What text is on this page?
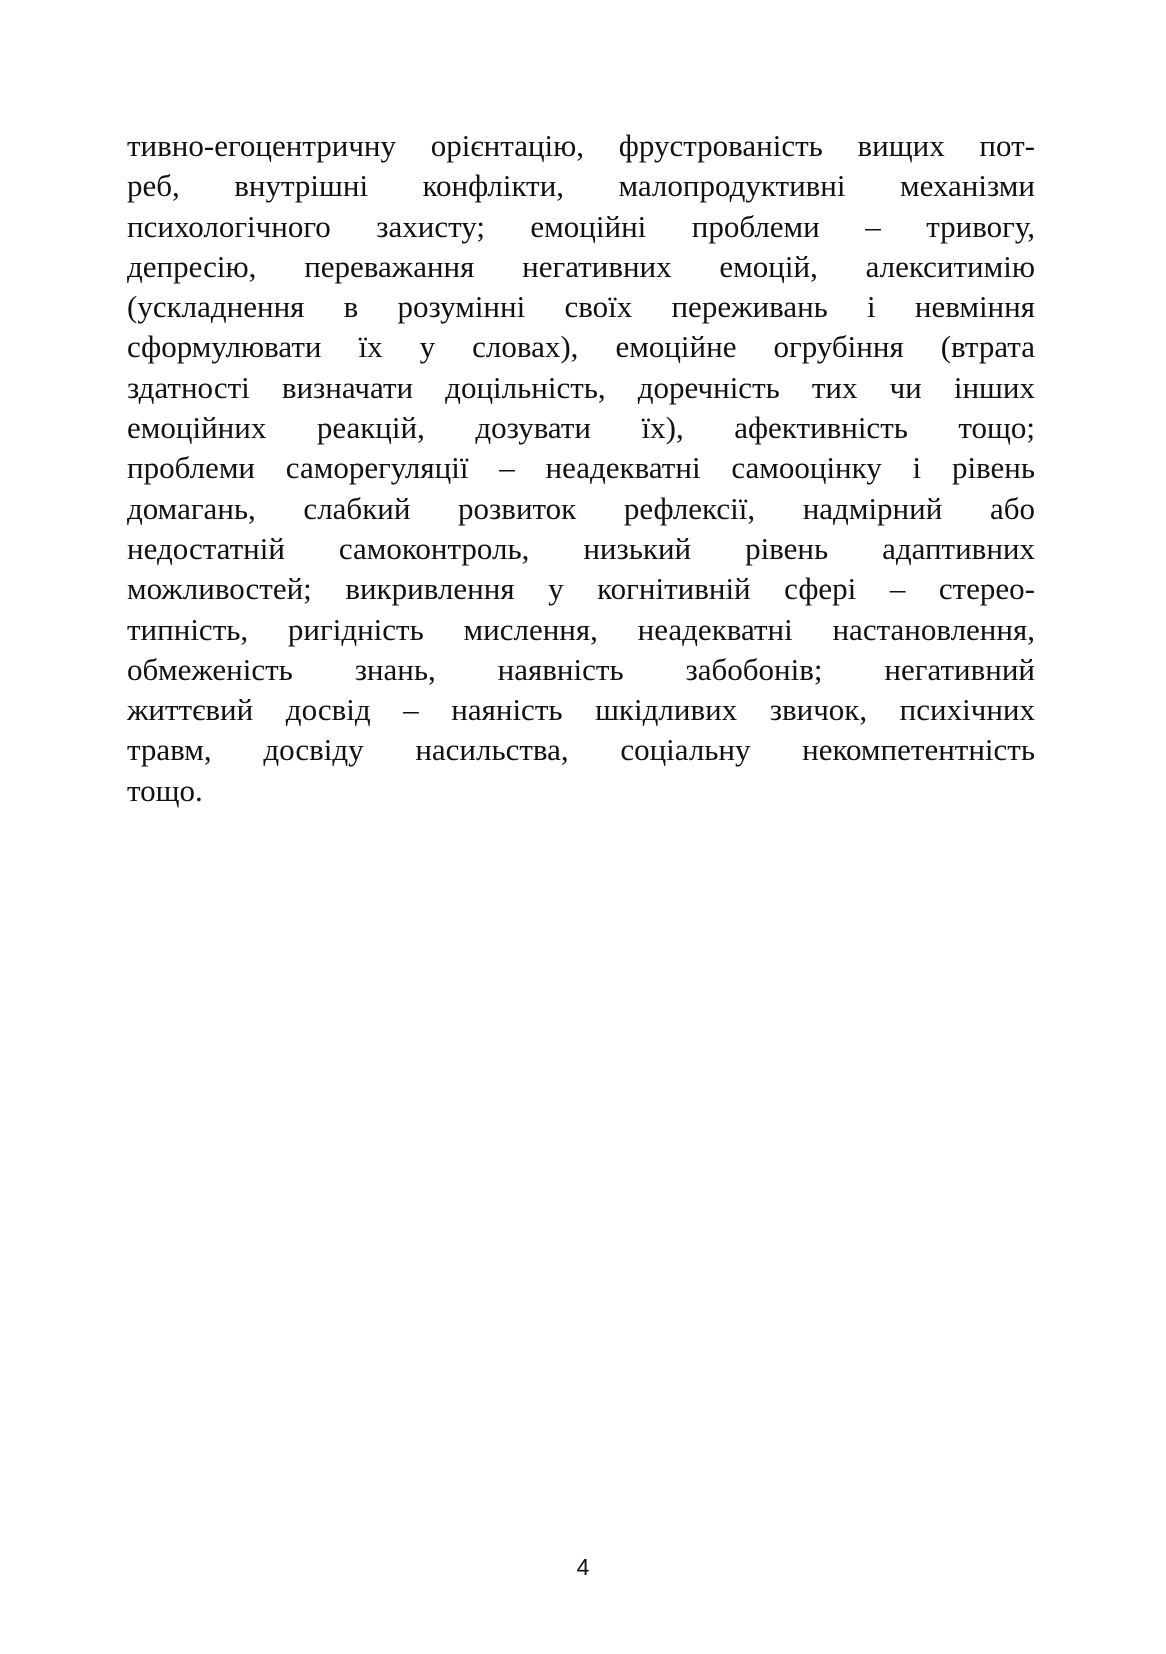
тивно-егоцентричну орієнтацію, фрустрованість вищих пот-
реб, внутрішні конфлікти, малопродуктивні механізми
психологічного захисту; емоційні проблеми – тривогу,
депресію, переважання негативних емоцій, алекситимію
(ускладнення в розумінні своїх переживань і невміння
сформулювати їх у словах), емоційне огрубіння (втрата
здатності визначати доцільність, доречність тих чи інших
емоційних реакцій, дозувати їх), афективність тощо;
проблеми саморегуляції – неадекватні самооцінку і рівень
домагань, слабкий розвиток рефлексії, надмірний або
недостатній самоконтроль, низький рівень адаптивних
можливостей; викривлення у когнітивній сфері – стерео-
типність, ригідність мислення, неадекватні настановлення,
обмеженість знань, наявність забобонів; негативний
життєвий досвід – наяність шкідливих звичок, психічних
травм, досвіду насильства, соціальну некомпетентність
тощо.
4
